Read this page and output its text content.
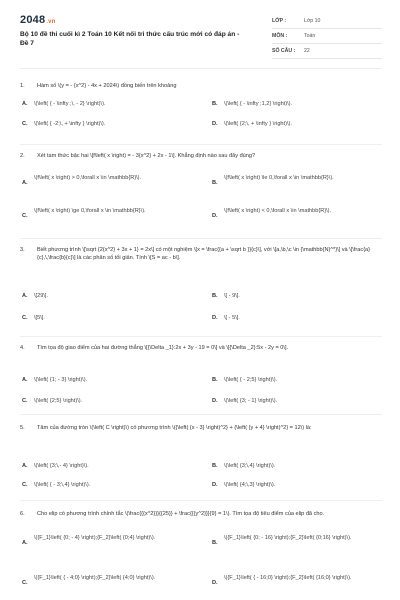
2048.vn
Bộ 10 đề thi cuối kì 2 Toán 10 Kết nối tri thức cấu trúc mới có đáp án - Đề 7
LỚP :	Lớp 10
MÔN :	Toán
SỐ CÂU : 22
1. Hàm số \(y = - {x^2} - 4x + 2024\) đồng biến trên khoảng
A. \(\left( { - \infty ;\, - 2} \right)\).	B. \(\left( { - \infty ;1,2} \right)\).
C. \(\left( { -2;\, + \infty } \right)\).	D. \(\left( {2;\, + \infty } \right)\).
2. Xét tam thức bậc hai \[f\left( x \right) = - 3{x^2} + 2x - 1\]. Khẳng định nào sau đây đúng?
A.
\(f\left( x \right) > 0,\forall x \in \mathbb{R}\).
B.
\(f\left( x \right) \le 0,\forall x \in \mathbb{R}\).
C.
\(f\left( x \right) \ge 0,\forall x \in \mathbb{R}\).
D.
\(f\left( x \right) < 0,\forall x \in \mathbb{R}\).
3. Biết phương trình \[\sqrt {2{x^2} + 3x + 1} = 2x\] có một nghiệm \[x = \frac{{a + \sqrt b }}{c}\], với \[a,\b,\c \in {\mathbb{N}^*}\] và \[\frac{a}{c},\,\frac{b}{c}\] là các phân số tối giản. Tính \[S = ac - b\].
A. \[29\].	B. \[ - 9\].
C. \[5\].	D. \[ - 5\].
4. Tìm tọa độ giao điểm của hai đường thẳng \[{\Delta _1}:2x + 3y - 19 = 0\] và \[{\Delta _2}:5x - 2y = 0\].
A. \(\left( {1; - 3} \right)\).	B. \(\left( { - 2;5} \right)\).
C. \(\left( {2;5} \right)\).	D. \(\left( {3; - 1} \right)\).
5. Tâm của đường tròn \(\left( C \right)\) có phương trình \({\left( {x - 3} \right)^2} + {\left( {y + 4} \right)^2} = 12\) là:
A. \(\left( {3;\,- 4} \right)\).	B. \(\left( {3;\,4} \right)\).
C. \(\left( { - 3;\,4} \right)\).	D. \(\left( {4;\,3} \right)\).
6. Cho elip có phương trình chính tắc \(\frac{{{x^2}}}{{25}} + \frac{{{y^2}}}{9} = 1\). Tìm tọa độ tiêu điểm của elip đã cho.
A.
\({F_1}\left( {0; - 4} \right);{F_2}\left( {0;4} \right)\).
B.
\({F_1}\left( {0; - 16} \right);{F_2}\left( {0;16} \right)\).
C.
\({F_1}\left( { - 4;0} \right);{F_2}\left( {4;0} \right)\).
D.
\({F_1}\left( { - 16;0} \right);{F_2}\left( {16;0} \right)\).
